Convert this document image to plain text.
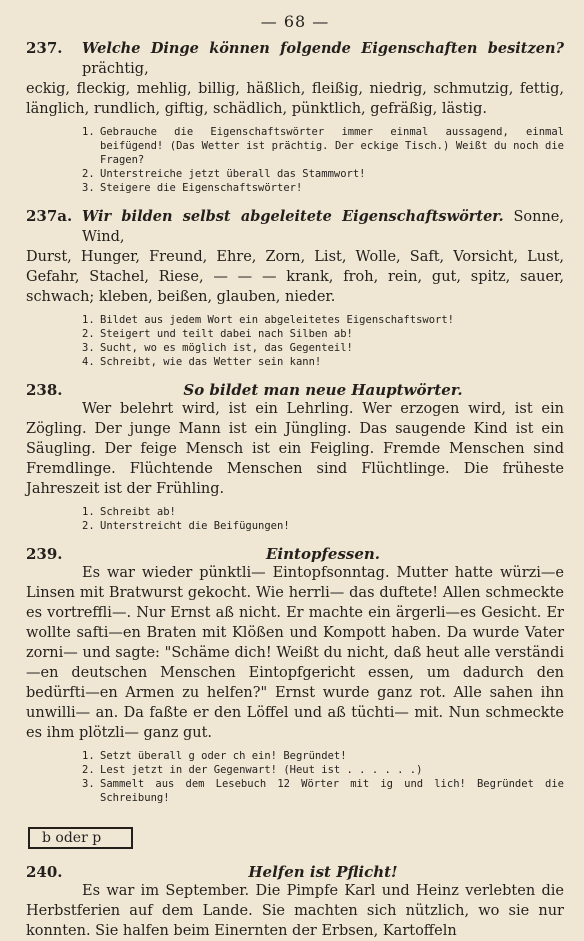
— 68 —
237.	Welche Dinge können folgende Eigenschaften besitzen? prächtig,
eckig, fleckig, mehlig, billig, häßlich, fleißig, niedrig, schmutzig, fettig, länglich, rundlich, giftig, schädlich, pünktlich, gefräßig, lästig.
1. Gebrauche die Eigenschaftswörter immer einmal aussagend, einmal beifügend! (Das Wetter ist prächtig. Der eckige Tisch.) Weißt du noch die Fragen?
2. Unterstreiche jetzt überall das Stammwort!
3. Steigere die Eigenschaftswörter!
237a. Wir bilden selbst abgeleitete Eigenschaftswörter. Sonne, Wind,
Durst, Hunger, Freund, Ehre, Zorn, List, Wolle, Saft, Vorsicht, Lust, Gefahr, Stachel, Riese, — — — krank, froh, rein, gut, spitz, sauer, schwach; kleben, beißen, glauben, nieder.
1. Bildet aus jedem Wort ein abgeleitetes Eigenschaftswort!
2. Steigert und teilt dabei nach Silben ab!
3. Sucht, wo es möglich ist, das Gegenteil!
4. Schreibt, wie das Wetter sein kann!
238.	So bildet man neue Hauptwörter.
Wer belehrt wird, ist ein Lehrling. Wer erzogen wird, ist ein Zögling. Der junge Mann ist ein Jüngling. Das saugende Kind ist ein Säugling. Der feige Mensch ist ein Feigling. Fremde Menschen sind Fremdlinge. Flüchtende Menschen sind Flüchtlinge. Die früheste Jahreszeit ist der Frühling.
1. Schreibt ab!
2. Unterstreicht die Beifügungen!
239.	Eintopfessen.
Es war wieder pünktli— Eintopfsonntag. Mutter hatte würzi—e Linsen mit Bratwurst gekocht. Wie herrli— das duftete! Allen schmeckte es vortreffli—. Nur Ernst aß nicht. Er machte ein ärgerli—es Gesicht. Er wollte safti—en Braten mit Klößen und Kompott haben. Da wurde Vater zorni— und sagte: "Schäme dich! Weißt du nicht, daß heut alle verständi—en deutschen Menschen Eintopfgericht essen, um dadurch den bedürfti—en Armen zu helfen?" Ernst wurde ganz rot. Alle sahen ihn unwilli— an. Da faßte er den Löffel und aß tüchti— mit. Nun schmeckte es ihm plötzli— ganz gut.
1. Setzt überall g oder ch ein! Begründet!
2. Lest jetzt in der Gegenwart! (Heut ist . . . . . .)
3. Sammelt aus dem Lesebuch 12 Wörter mit ig und lich! Begründet die Schreibung!
b oder p
240.	Helfen ist Pflicht!
Es war im September. Die Pimpfe Karl und Heinz verlebten die Herbstferien auf dem Lande. Sie machten sich nützlich, wo sie nur konnten. Sie halfen beim Einernten der Erbsen, Kartoffeln
